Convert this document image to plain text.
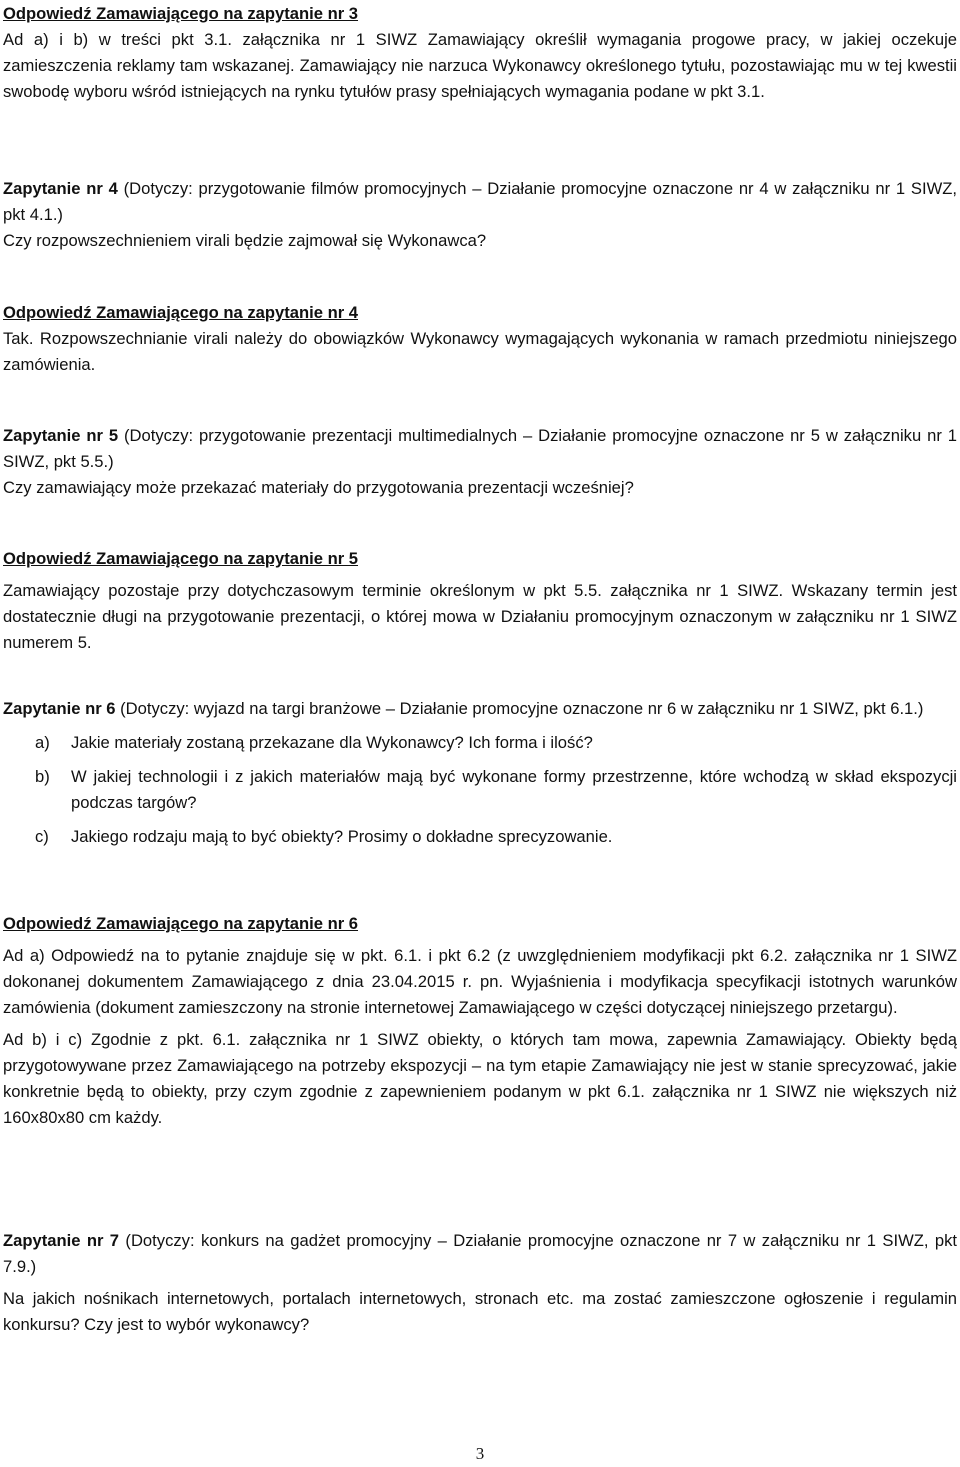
Odpowiedź Zamawiającego na zapytanie nr 3

Ad a) i b) w treści pkt 3.1. załącznika nr 1 SIWZ Zamawiający określił wymagania progowe pracy, w jakiej oczekuje zamieszczenia reklamy tam wskazanej. Zamawiający nie narzuca Wykonawcy określonego tytułu, pozostawiając mu w tej kwestii swobodę wyboru wśród istniejących na rynku tytułów prasy spełniających wymagania podane w pkt 3.1.

Zapytanie nr 4 (Dotyczy: przygotowanie filmów promocyjnych – Działanie promocyjne oznaczone nr 4 w załączniku nr 1 SIWZ, pkt 4.1.)

Czy rozpowszechnieniem virali będzie zajmował się Wykonawca?

Odpowiedź Zamawiającego na zapytanie nr 4

Tak. Rozpowszechnianie virali należy do obowiązków Wykonawcy wymagających wykonania w ramach przedmiotu niniejszego zamówienia.

Zapytanie nr 5 (Dotyczy: przygotowanie prezentacji multimedialnych – Działanie promocyjne oznaczone nr 5 w załączniku nr 1 SIWZ, pkt 5.5.)

Czy zamawiający może przekazać materiały do przygotowania prezentacji wcześniej?

Odpowiedź Zamawiającego na zapytanie nr 5

Zamawiający pozostaje przy dotychczasowym terminie określonym w pkt 5.5. załącznika nr 1 SIWZ. Wskazany termin jest dostatecznie długi na przygotowanie prezentacji, o której mowa w Działaniu promocyjnym oznaczonym w załączniku nr 1 SIWZ numerem 5.

Zapytanie nr 6 (Dotyczy: wyjazd na targi branżowe – Działanie promocyjne oznaczone nr 6 w załączniku nr 1 SIWZ, pkt 6.1.)

a) Jakie materiały zostaną przekazane dla Wykonawcy? Ich forma i ilość?
b) W jakiej technologii i z jakich materiałów mają być wykonane formy przestrzenne, które wchodzą w skład ekspozycji podczas targów?
c) Jakiego rodzaju mają to być obiekty? Prosimy o dokładne sprecyzowanie.

Odpowiedź Zamawiającego na zapytanie nr 6

Ad a) Odpowiedź na to pytanie znajduje się w pkt. 6.1. i pkt 6.2 (z uwzględnieniem modyfikacji pkt 6.2. załącznika nr 1 SIWZ dokonanej dokumentem Zamawiającego z dnia 23.04.2015 r. pn. Wyjaśnienia i modyfikacja specyfikacji istotnych warunków zamówienia (dokument zamieszczony na stronie internetowej Zamawiającego w części dotyczącej niniejszego przetargu).

Ad b) i c) Zgodnie z pkt. 6.1. załącznika nr 1 SIWZ obiekty, o których tam mowa, zapewnia Zamawiający. Obiekty będą przygotowywane przez Zamawiającego na potrzeby ekspozycji – na tym etapie Zamawiający nie jest w stanie sprecyzować, jakie konkretnie będą to obiekty, przy czym zgodnie z zapewnieniem podanym w pkt 6.1. załącznika nr 1 SIWZ nie większych niż 160x80x80 cm każdy.

Zapytanie nr 7 (Dotyczy: konkurs na gadżet promocyjny – Działanie promocyjne oznaczone nr 7 w załączniku nr 1 SIWZ, pkt 7.9.)

Na jakich nośnikach internetowych, portalach internetowych, stronach etc. ma zostać zamieszczone ogłoszenie i regulamin konkursu? Czy jest to wybór wykonawcy?

3
